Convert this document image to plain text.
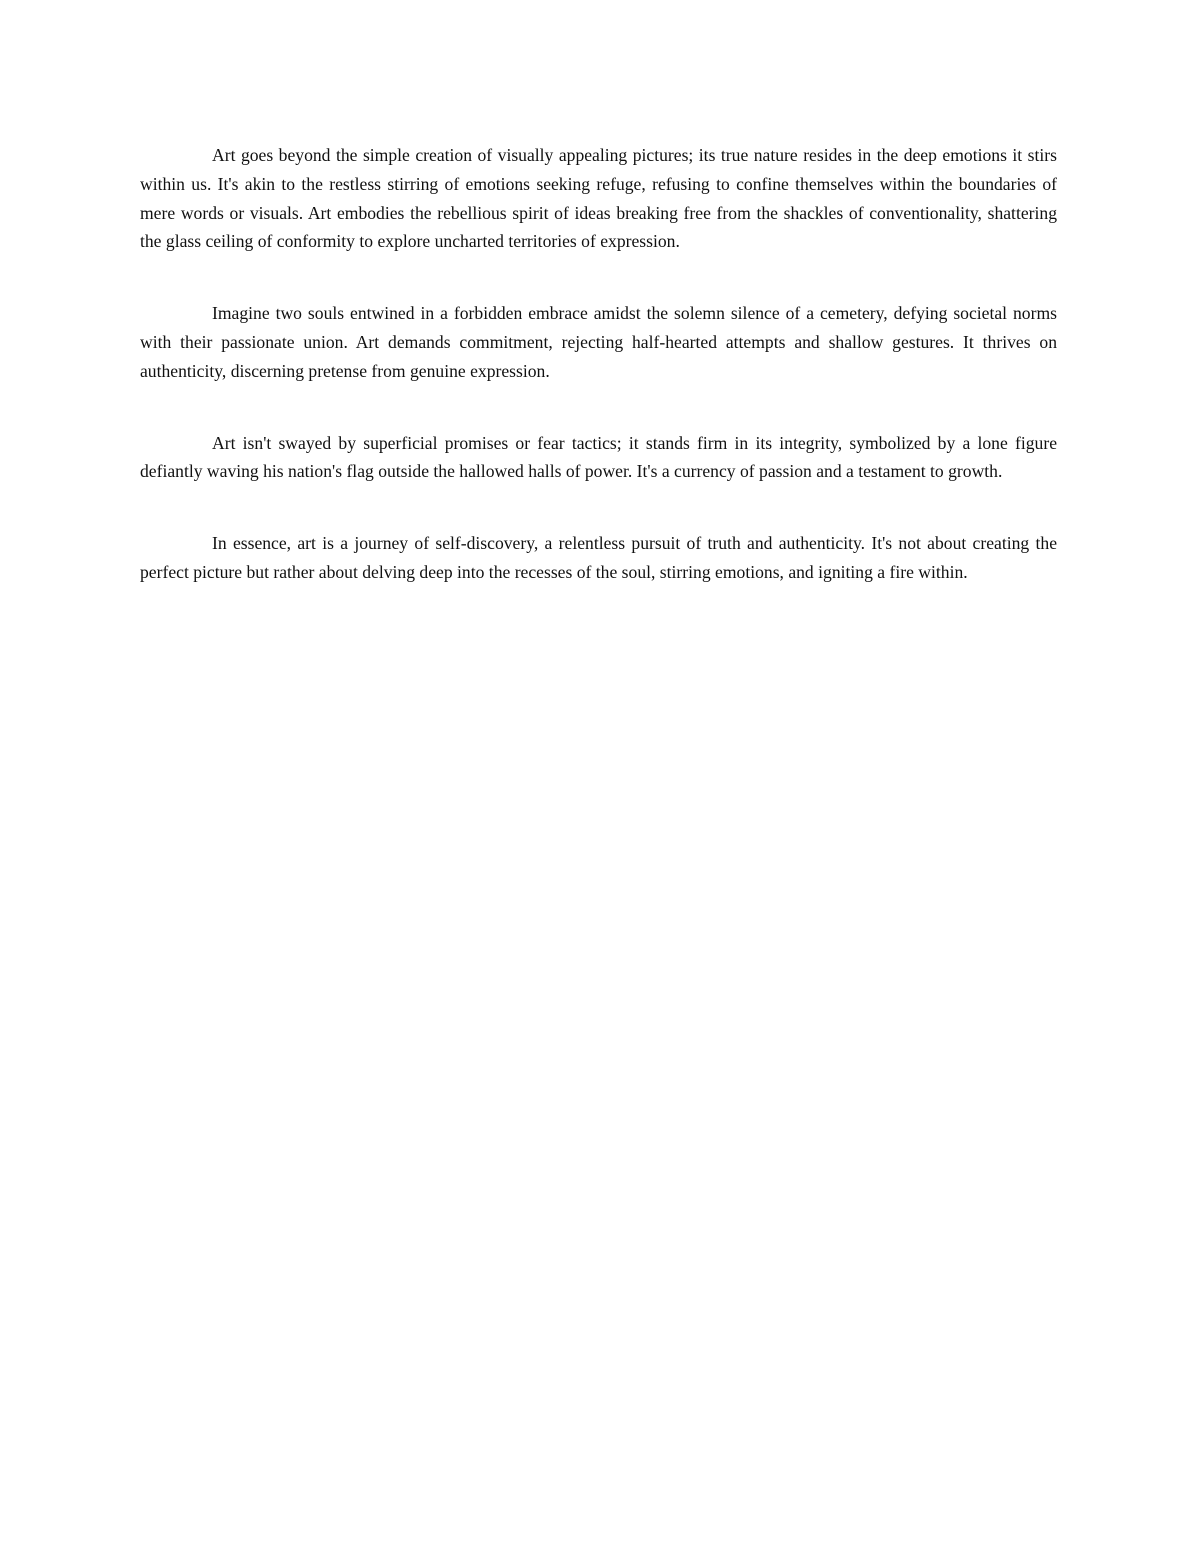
Art goes beyond the simple creation of visually appealing pictures; its true nature resides in the deep emotions it stirs within us. It's akin to the restless stirring of emotions seeking refuge, refusing to confine themselves within the boundaries of mere words or visuals. Art embodies the rebellious spirit of ideas breaking free from the shackles of conventionality, shattering the glass ceiling of conformity to explore uncharted territories of expression.

Imagine two souls entwined in a forbidden embrace amidst the solemn silence of a cemetery, defying societal norms with their passionate union. Art demands commitment, rejecting half-hearted attempts and shallow gestures. It thrives on authenticity, discerning pretense from genuine expression.

Art isn't swayed by superficial promises or fear tactics; it stands firm in its integrity, symbolized by a lone figure defiantly waving his nation's flag outside the hallowed halls of power. It's a currency of passion and a testament to growth.

In essence, art is a journey of self-discovery, a relentless pursuit of truth and authenticity. It's not about creating the perfect picture but rather about delving deep into the recesses of the soul, stirring emotions, and igniting a fire within.
